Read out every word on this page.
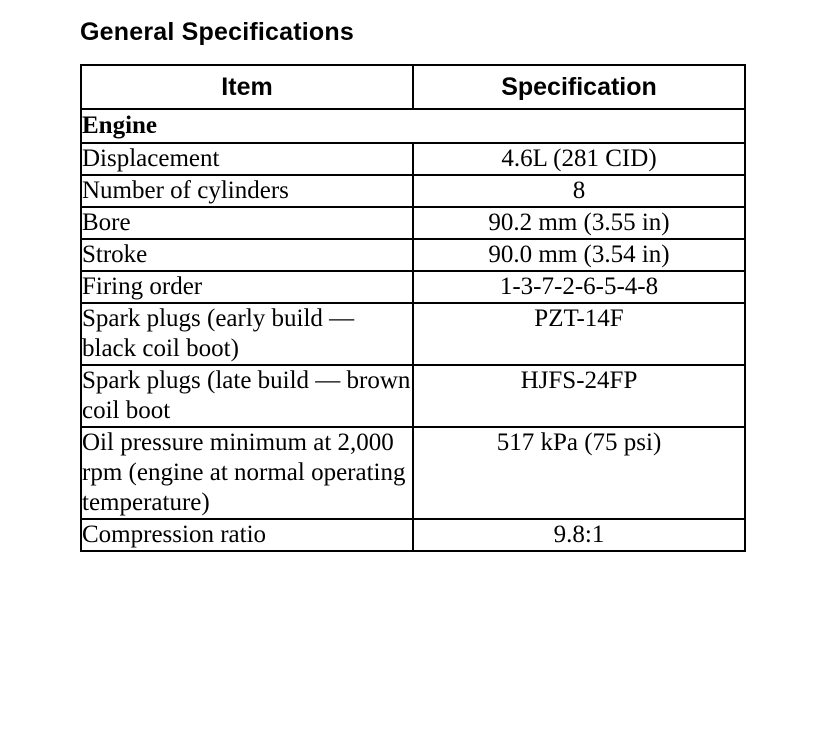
General Specifications
Item	Specification
Engine	
Displacement	4.6L (281 CID)
Number of cylinders	8
Bore	90.2 mm (3.55 in)
Stroke	90.0 mm (3.54 in)
Firing order	1-3-7-2-6-5-4-8
Spark plugs (early build — black coil boot)	PZT-14F
Spark plugs (late build — brown coil boot	HJFS-24FP
Oil pressure minimum at 2,000 rpm (engine at normal operating temperature)	517 kPa (75 psi)
Compression ratio	9.8:1
